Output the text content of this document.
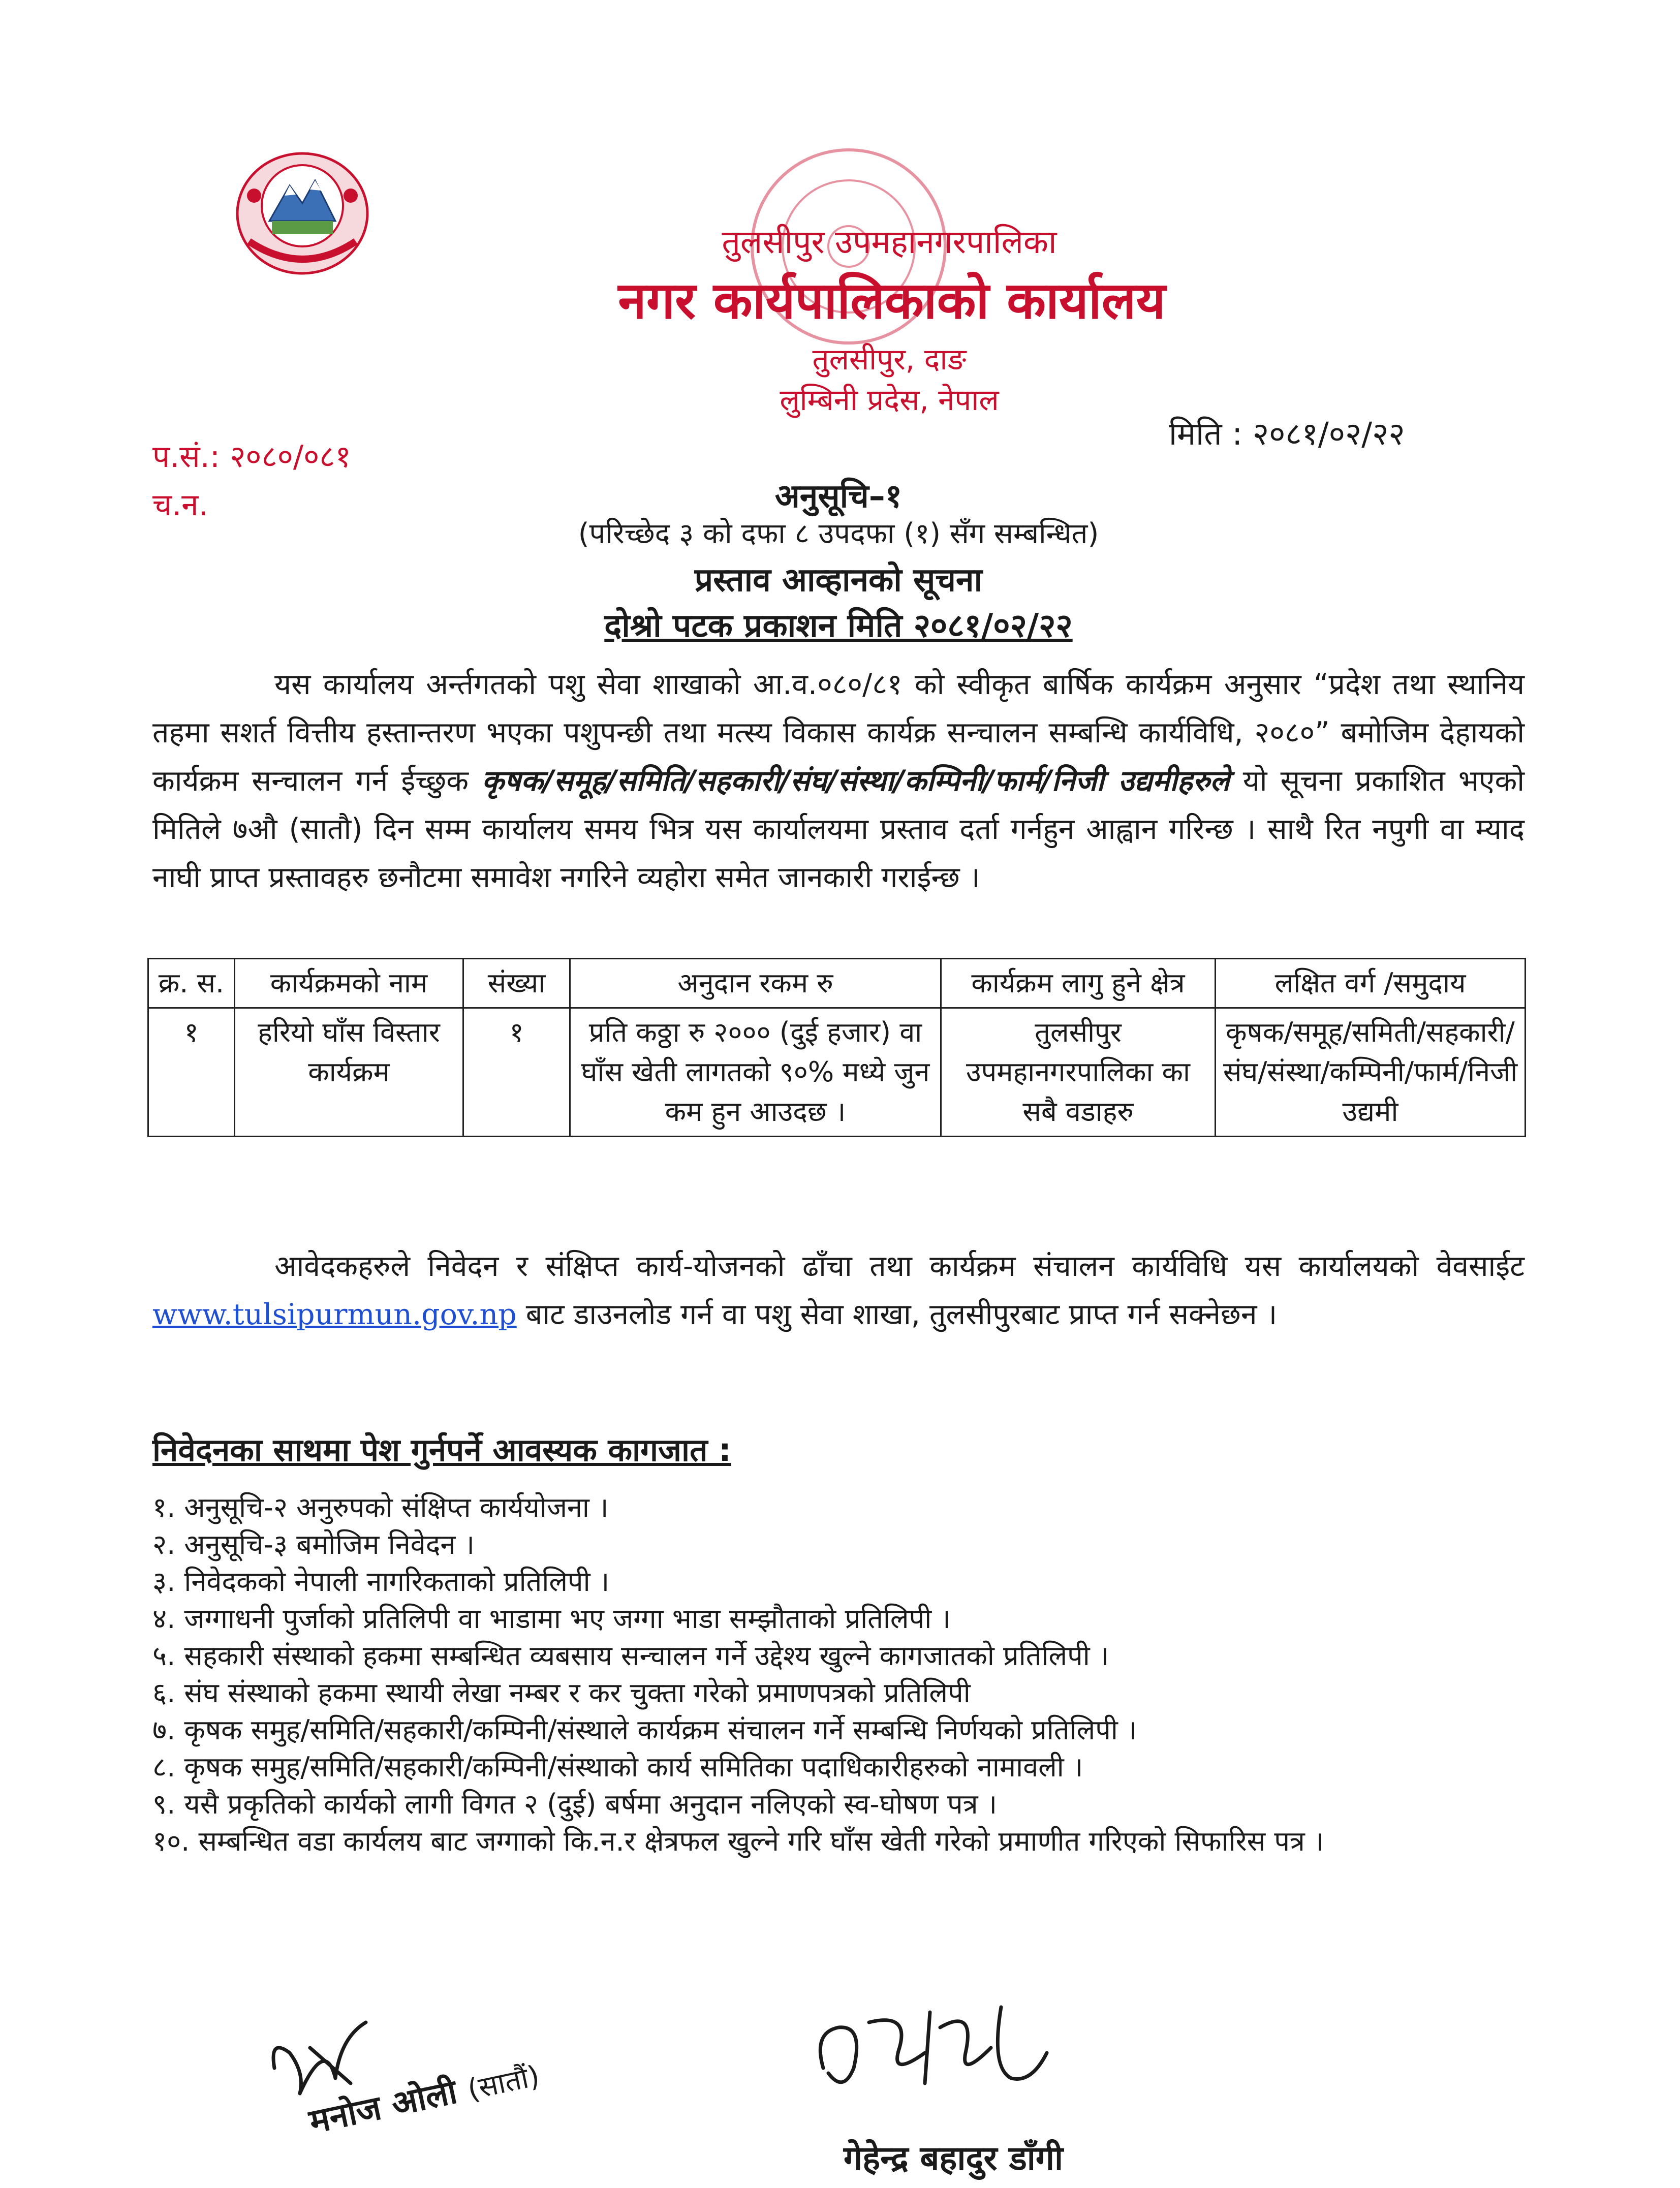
तुलसीपुर उपमहानगरपालिका
नगर कार्यपालिकाको कार्यालय
तुलसीपुर, दाङ
लुम्बिनी प्रदेस, नेपाल
मिति : २०८१/०२/२२
प.सं.: २०८०/०८१
च.न.	अनुसूचि–१
(परिच्छेद ३ को दफा ८ उपदफा (१) सँग सम्बन्धित)
प्रस्ताव आव्हानको सूचना
दोश्रो पटक प्रकाशन मिति २०८१/०२/२२

यस कार्यालय अर्न्तगतको पशु सेवा शाखाको आ.व.०८०/८१ को स्वीकृत बार्षिक कार्यक्रम अनुसार “प्रदेश तथा स्थानिय तहमा सशर्त वित्तीय हस्तान्तरण भएका पशुपन्छी तथा मत्स्य विकास कार्यक्र सन्चालन सम्बन्धि कार्यविधि, २०८०” बमोजिम देहायको कार्यक्रम सन्चालन गर्न ईच्छुक कृषक/समूह/समिति/सहकारी/संघ/संस्था/कम्पिनी/फार्म/निजी उद्यमीहरुले यो सूचना प्रकाशित भएको मितिले ७औ (सातौ) दिन सम्म कार्यालय समय भित्र यस कार्यालयमा प्रस्ताव दर्ता गर्नहुन आह्वान गरिन्छ । साथै रित नपुगी वा म्याद नाघी प्राप्त प्रस्तावहरु छनौटमा समावेश नगरिने व्यहोरा समेत जानकारी गराईन्छ ।

क्र. स.	कार्यक्रमको नाम	संख्या	अनुदान रकम रु	कार्यक्रम लागु हुने क्षेत्र	लक्षित वर्ग /समुदाय
१	हरियो घाँस विस्तार कार्यक्रम	१	प्रति कठ्ठा रु २००० (दुई हजार) वा घाँस खेती लागतको ९०% मध्ये जुन कम हुन आउदछ ।	तुलसीपुर उपमहानगरपालिका का सबै वडाहरु	कृषक/समूह/समिती/सहकारी/संघ/संस्था/कम्पिनी/फार्म/निजी उद्यमी

आवेदकहरुले निवेदन र संक्षिप्त कार्य-योजनको ढाँचा तथा कार्यक्रम संचालन कार्यविधि यस कार्यालयको वेवसाईट www.tulsipurmun.gov.np बाट डाउनलोड गर्न वा पशु सेवा शाखा, तुलसीपुरबाट प्राप्त गर्न सक्नेछन ।

निवेदनका साथमा पेश गुर्नपर्ने आवस्यक कागजात :
१. अनुसूचि-२ अनुरुपको संक्षिप्त कार्ययोजना ।
२. अनुसूचि-३ बमोजिम निवेदन ।
३. निवेदकको नेपाली नागरिकताको प्रतिलिपी ।
४. जग्गाधनी पुर्जाको प्रतिलिपी वा भाडामा भए जग्गा भाडा सम्झौताको प्रतिलिपी ।
५. सहकारी संस्थाको हकमा सम्बन्धित व्यबसाय सन्चालन गर्ने उद्देश्य खुल्ने कागजातको प्रतिलिपी ।
६. संघ संस्थाको हकमा स्थायी लेखा नम्बर र कर चुक्ता गरेको प्रमाणपत्रको प्रतिलिपी
७. कृषक समुह/समिति/सहकारी/कम्पिनी/संस्थाले कार्यक्रम संचालन गर्ने सम्बन्धि निर्णयको प्रतिलिपी ।
८. कृषक समुह/समिति/सहकारी/कम्पिनी/संस्थाको कार्य समितिका पदाधिकारीहरुको नामावली ।
९. यसै प्रकृतिको कार्यको लागी विगत २ (दुई) बर्षमा अनुदान नलिएको स्व-घोषण पत्र ।
१०. सम्बन्धित वडा कार्यलय बाट जग्गाको कि.न.र क्षेत्रफल खुल्ने गरि घाँस खेती गरेको प्रमाणीत गरिएको सिफारिस पत्र ।
मनोज ओली (सातौं)
गेहेन्द्र बहादुर डाँगी
